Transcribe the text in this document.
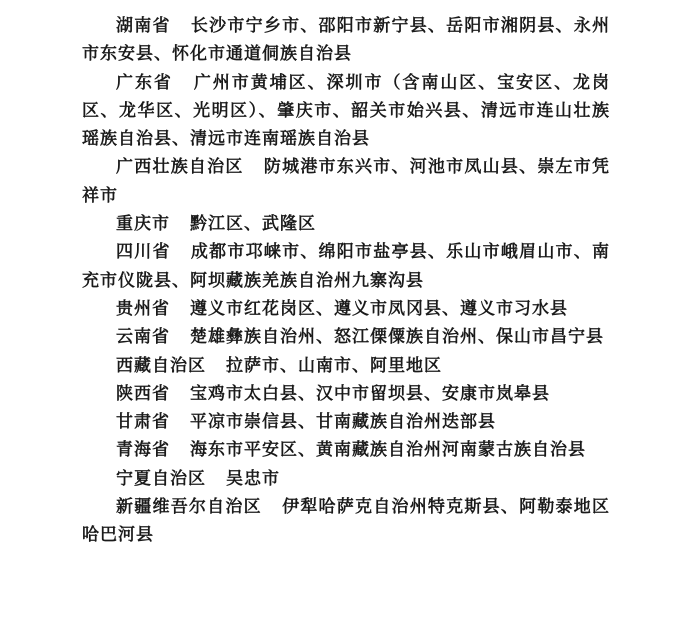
湖南省 长沙市宁乡市、邵阳市新宁县、岳阳市湘阴县、永州市东安县、怀化市通道侗族自治县

广东省 广州市黄埔区、深圳市（含南山区、宝安区、龙岗区、龙华区、光明区）、肇庆市、韶关市始兴县、清远市连山壮族瑶族自治县、清远市连南瑶族自治县

广西壮族自治区 防城港市东兴市、河池市凤山县、崇左市凭祥市

重庆市 黔江区、武隆区

四川省 成都市邛崃市、绵阳市盐亭县、乐山市峨眉山市、南充市仪陇县、阿坝藏族羌族自治州九寨沟县

贵州省 遵义市红花岗区、遵义市凤冈县、遵义市习水县

云南省 楚雄彝族自治州、怒江傈僳族自治州、保山市昌宁县

西藏自治区 拉萨市、山南市、阿里地区

陕西省 宝鸡市太白县、汉中市留坝县、安康市岚皋县

甘肃省 平凉市崇信县、甘南藏族自治州迭部县

青海省 海东市平安区、黄南藏族自治州河南蒙古族自治县

宁夏自治区 吴忠市

新疆维吾尔自治区 伊犁哈萨克自治州特克斯县、阿勒泰地区哈巴河县
